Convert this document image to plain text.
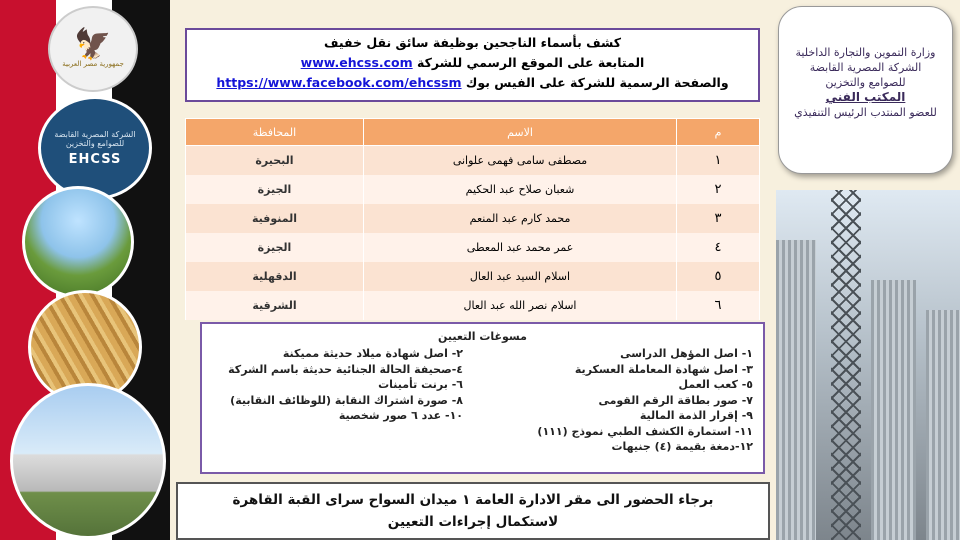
🦅
جمهورية مصر العربية
الشركة المصرية القابضة للصوامع والتخزين
EHCSS
كشف بأسماء الناجحين بوظيفة سائق نقل خفيف
المتابعة على الموقع الرسمي للشركة www.ehcss.com
والصفحة الرسمية للشركة على الفيس بوك https://www.facebook.com/ehcssm
وزارة التموين والتجارة الداخلية
الشركة المصرية القابضة
للصوامع والتخزين
المكتب الفني
للعضو المنتدب الرئيس التنفيذي
م	الاسم	المحافظة
١	مصطفى سامى فهمى علوانى	البحيرة
٢	شعبان صلاح عبد الحكيم	الجيزة
٣	محمد كارم عبد المنعم	المنوفية
٤	عمر محمد عبد المعطى	الجيزة
٥	اسلام السيد عبد العال	الدقهلية
٦	اسلام نصر الله عبد العال	الشرقية
مسوغات التعيين
١- اصل المؤهل الدراسى
٣- اصل شهادة المعاملة العسكرية
٥- كعب العمل
٧- صور بطاقة الرقم القومى
٩- إقرار الذمة المالية
١١- استمارة الكشف الطبي نموذج (١١١)
١٢-دمغة بقيمة (٤) جنيهات
٢- اصل شهادة ميلاد حديثة مميكنة
٤-صحيفة الحالة الجنائية حديثة باسم الشركة
٦- برنت تأمينات
٨- صورة اشتراك النقابة (للوظائف النقابية)
١٠- عدد ٦ صور شخصية
برجاء الحضور الى مقر الادارة العامة ١ ميدان السواح سراى القبة القاهرة
لاستكمال إجراءات التعيين
